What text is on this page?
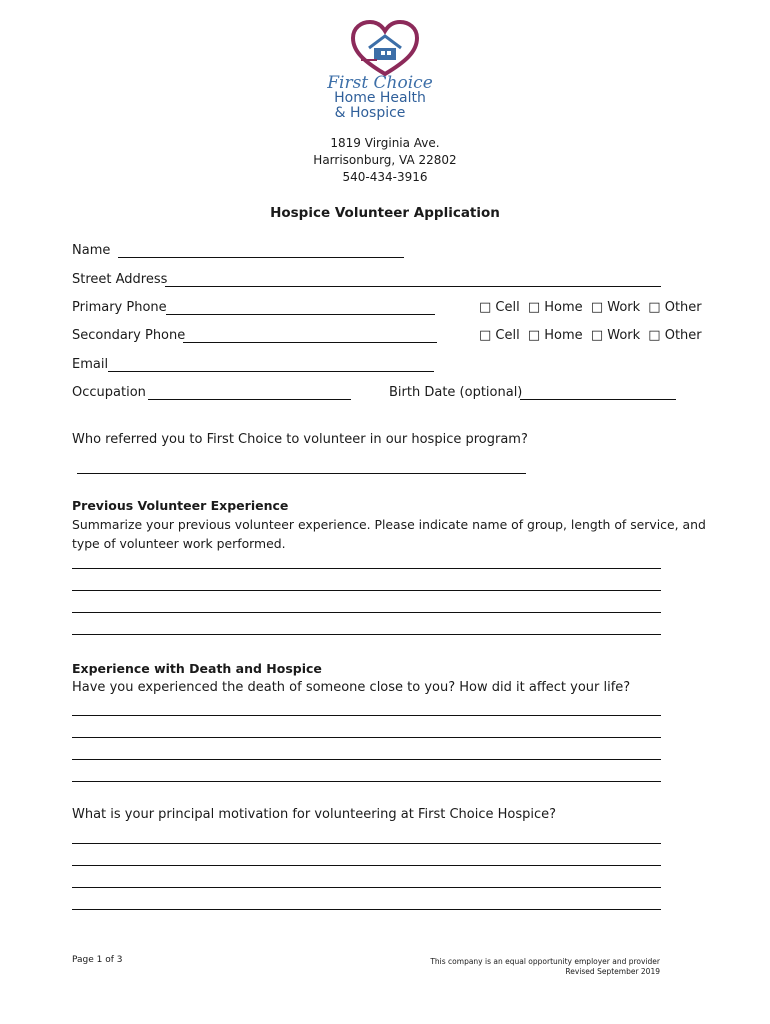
First Choice
Home Health
& Hospice
1819 Virginia Ave.
Harrisonburg, VA 22802
540-434-3916
Hospice Volunteer Application
Name
Street Address
Primary Phone	□ Cell □ Home □ Work □ Other
Secondary Phone	□ Cell □ Home □ Work □ Other
Email
Occupation	Birth Date (optional)
Who referred you to First Choice to volunteer in our hospice program?
Previous Volunteer Experience
Summarize your previous volunteer experience. Please indicate name of group, length of service, and
type of volunteer work performed.
Experience with Death and Hospice
Have you experienced the death of someone close to you? How did it affect your life?
What is your principal motivation for volunteering at First Choice Hospice?
Page 1 of 3	This company is an equal opportunity employer and provider
Revised September 2019
